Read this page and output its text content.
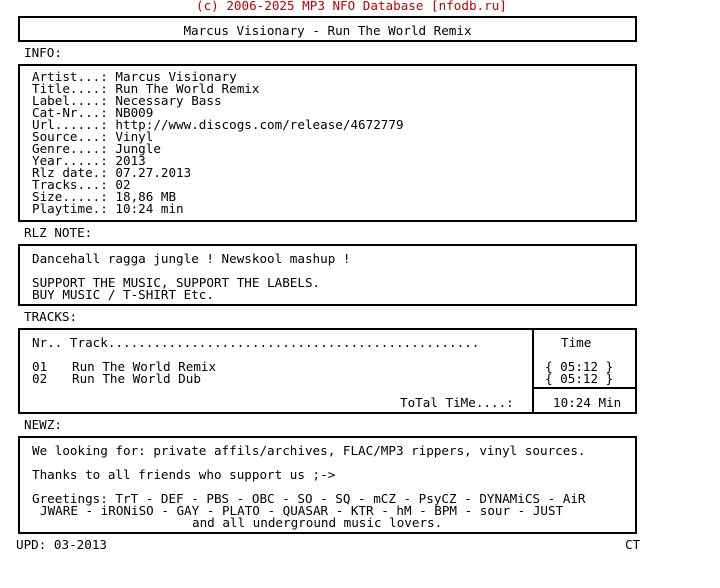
(c) 2006-2025 MP3 NFO Database [nfodb.ru]
Marcus Visionary - Run The World Remix
INFO:
Artist...: Marcus Visionary
Title....: Run The World Remix
Label....: Necessary Bass
Cat-Nr...: NB009
Url......: http://www.discogs.com/release/4672779
Source...: Vinyl
Genre....: Jungle
Year.....: 2013
Rlz date.: 07.27.2013
Tracks...: 02
Size.....: 18,86 MB
Playtime.: 10:24 min
RLZ NOTE:
Dancehall ragga jungle ! Newskool mashup !
SUPPORT THE MUSIC, SUPPORT THE LABELS.
BUY MUSIC / T-SHIRT Etc.
TRACKS:
Nr.. Track.................................................	Time
01 Run The World Remix	{ 05:12 }
02 Run The World Dub	{ 05:12 }
ToTal TiMe....:	10:24 Min
NEWZ:
We looking for: private affils/archives, FLAC/MP3 rippers, vinyl sources.
Thanks to all friends who support us ;->
Greetings: TrT - DEF - PBS - OBC - SO - SQ - mCZ - PsyCZ - DYNAMiCS - AiR
JWARE - iRONiSO - GAY - PLATO - QUASAR - KTR - hM - BPM - sour - JUST
and all underground music lovers.
UPD: 03-2013	CT
